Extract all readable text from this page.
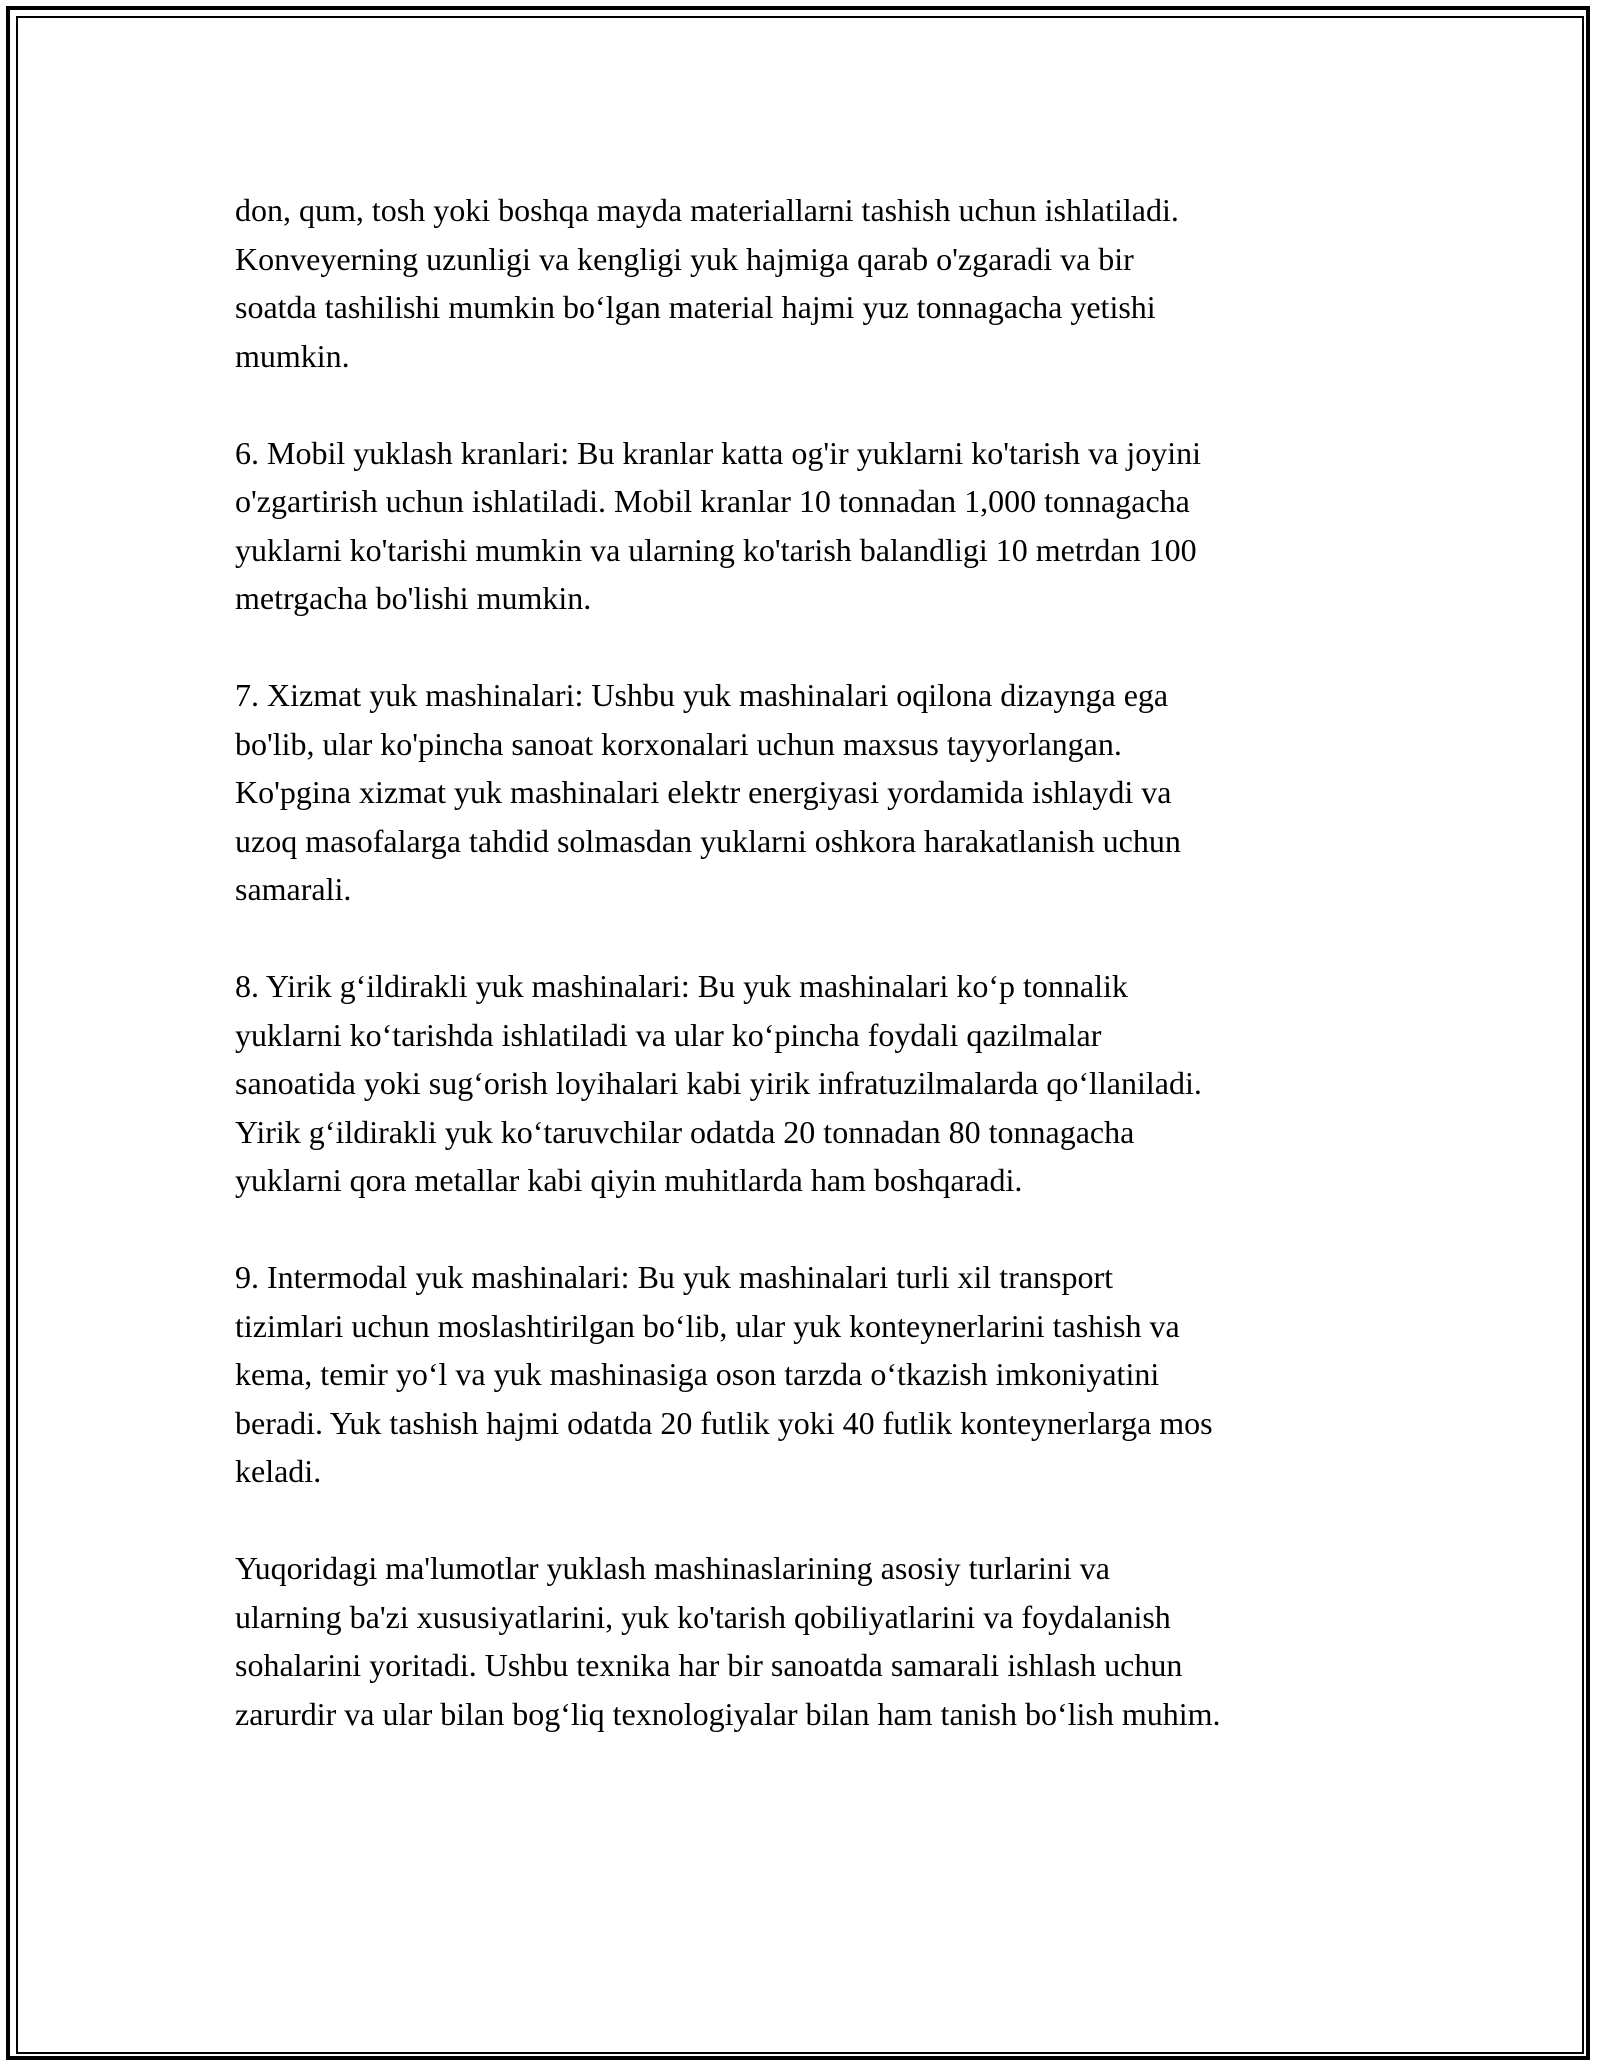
don, qum, tosh yoki boshqa mayda materiallarni tashish uchun ishlatiladi.
Konveyerning uzunligi va kengligi yuk hajmiga qarab o'zgaradi va bir
soatda tashilishi mumkin boʻlgan material hajmi yuz tonnagacha yetishi
mumkin.

6. Mobil yuklash kranlari: Bu kranlar katta og'ir yuklarni ko'tarish va joyini
o'zgartirish uchun ishlatiladi. Mobil kranlar 10 tonnadan 1,000 tonnagacha
yuklarni ko'tarishi mumkin va ularning ko'tarish balandligi 10 metrdan 100
metrgacha bo'lishi mumkin.

7. Xizmat yuk mashinalari: Ushbu yuk mashinalari oqilona dizaynga ega
bo'lib, ular ko'pincha sanoat korxonalari uchun maxsus tayyorlangan.
Ko'pgina xizmat yuk mashinalari elektr energiyasi yordamida ishlaydi va
uzoq masofalarga tahdid solmasdan yuklarni oshkora harakatlanish uchun
samarali.

8. Yirik gʻildirakli yuk mashinalari: Bu yuk mashinalari koʻp tonnalik
yuklarni koʻtarishda ishlatiladi va ular koʻpincha foydali qazilmalar
sanoatida yoki sugʻorish loyihalari kabi yirik infratuzilmalarda qoʻllaniladi.
Yirik gʻildirakli yuk koʻtaruvchilar odatda 20 tonnadan 80 tonnagacha
yuklarni qora metallar kabi qiyin muhitlarda ham boshqaradi.

9. Intermodal yuk mashinalari: Bu yuk mashinalari turli xil transport
tizimlari uchun moslashtirilgan boʻlib, ular yuk konteynerlarini tashish va
kema, temir yoʻl va yuk mashinasiga oson tarzda oʻtkazish imkoniyatini
beradi. Yuk tashish hajmi odatda 20 futlik yoki 40 futlik konteynerlarga mos
keladi.

Yuqoridagi ma'lumotlar yuklash mashinaslarining asosiy turlarini va
ularning ba'zi xususiyatlarini, yuk ko'tarish qobiliyatlarini va foydalanish
sohalarini yoritadi. Ushbu texnika har bir sanoatda samarali ishlash uchun
zarurdir va ular bilan bogʻliq texnologiyalar bilan ham tanish boʻlish muhim.
